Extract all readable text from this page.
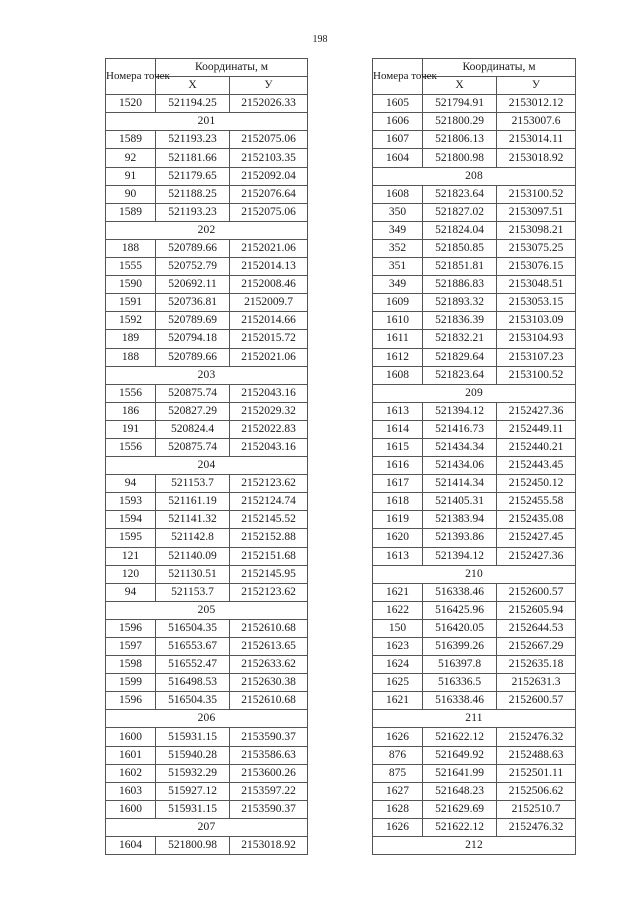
198
Номера точек	Координаты, м	
	X	У
1520	521194.25	2152026.33
201		
1589	521193.23	2152075.06
92	521181.66	2152103.35
91	521179.65	2152092.04
90	521188.25	2152076.64
1589	521193.23	2152075.06
202		
188	520789.66	2152021.06
1555	520752.79	2152014.13
1590	520692.11	2152008.46
1591	520736.81	2152009.7
1592	520789.69	2152014.66
189	520794.18	2152015.72
188	520789.66	2152021.06
203		
1556	520875.74	2152043.16
186	520827.29	2152029.32
191	520824.4	2152022.83
1556	520875.74	2152043.16
204		
94	521153.7	2152123.62
1593	521161.19	2152124.74
1594	521141.32	2152145.52
1595	521142.8	2152152.88
121	521140.09	2152151.68
120	521130.51	2152145.95
94	521153.7	2152123.62
205		
1596	516504.35	2152610.68
1597	516553.67	2152613.65
1598	516552.47	2152633.62
1599	516498.53	2152630.38
1596	516504.35	2152610.68
206		
1600	515931.15	2153590.37
1601	515940.28	2153586.63
1602	515932.29	2153600.26
1603	515927.12	2153597.22
1600	515931.15	2153590.37
207		
1604	521800.98	2153018.92
Номера точек	Координаты, м	
	X	У
1605	521794.91	2153012.12
1606	521800.29	2153007.6
1607	521806.13	2153014.11
1604	521800.98	2153018.92
208		
1608	521823.64	2153100.52
350	521827.02	2153097.51
349	521824.04	2153098.21
352	521850.85	2153075.25
351	521851.81	2153076.15
349	521886.83	2153048.51
1609	521893.32	2153053.15
1610	521836.39	2153103.09
1611	521832.21	2153104.93
1612	521829.64	2153107.23
1608	521823.64	2153100.52
209		
1613	521394.12	2152427.36
1614	521416.73	2152449.11
1615	521434.34	2152440.21
1616	521434.06	2152443.45
1617	521414.34	2152450.12
1618	521405.31	2152455.58
1619	521383.94	2152435.08
1620	521393.86	2152427.45
1613	521394.12	2152427.36
210		
1621	516338.46	2152600.57
1622	516425.96	2152605.94
150	516420.05	2152644.53
1623	516399.26	2152667.29
1624	516397.8	2152635.18
1625	516336.5	2152631.3
1621	516338.46	2152600.57
211		
1626	521622.12	2152476.32
876	521649.92	2152488.63
875	521641.99	2152501.11
1627	521648.23	2152506.62
1628	521629.69	2152510.7
1626	521622.12	2152476.32
212		
